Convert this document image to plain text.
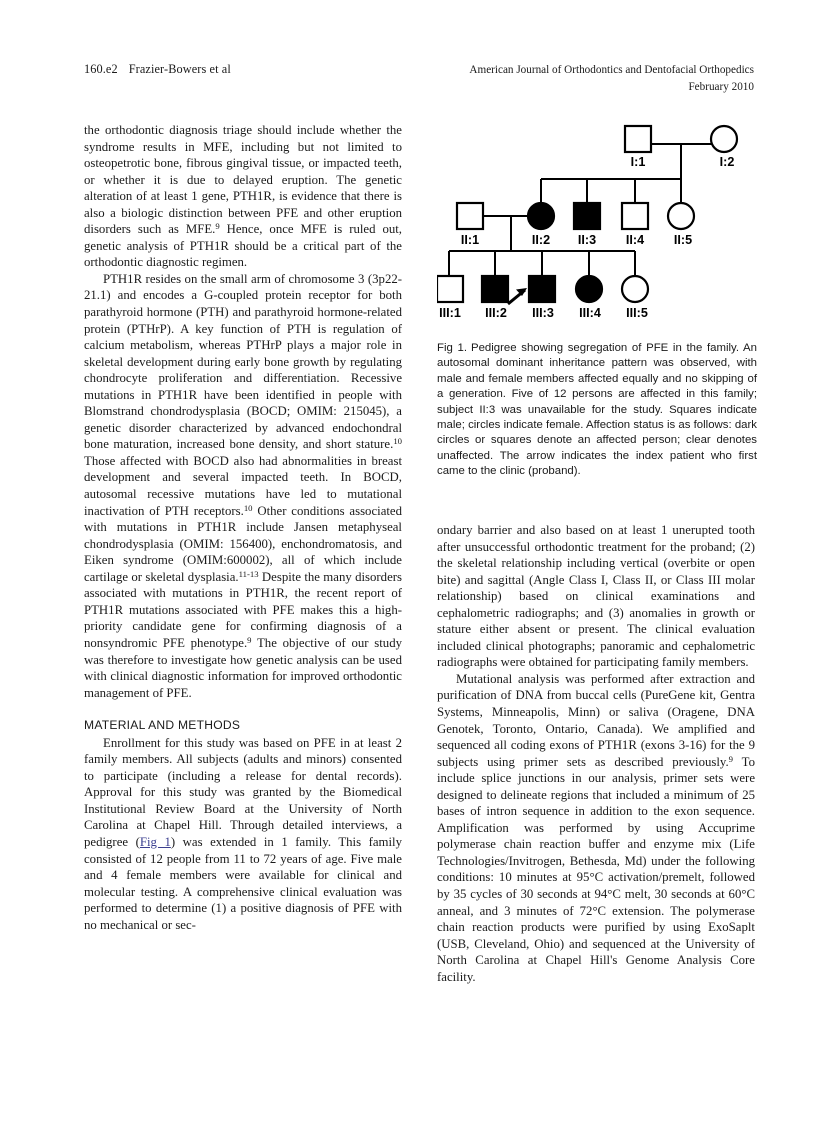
160.e2 Frazier-Bowers et al	American Journal of Orthodontics and Dentofacial Orthopedics
February 2010

the orthodontic diagnosis triage should include whether the syndrome results in MFE, including but not limited to osteopetrotic bone, fibrous gingival tissue, or impacted teeth, or whether it is due to delayed eruption. The genetic alteration of at least 1 gene, PTH1R, is evidence that there is also a biologic distinction between PFE and other eruption disorders such as MFE.$^9$ Hence, once MFE is ruled out, genetic analysis of PTH1R should be a critical part of the orthodontic diagnostic regimen.

PTH1R resides on the small arm of chromosome 3 (3p22-21.1) and encodes a G-coupled protein receptor for both parathyroid hormone (PTH) and parathyroid hormone-related protein (PTHrP). A key function of PTH is regulation of calcium metabolism, whereas PTHrP plays a major role in skeletal development during early bone growth by regulating chondrocyte proliferation and differentiation. Recessive mutations in PTH1R have been identified in people with Blomstrand chondrodysplasia (BOCD; OMIM: 215045), a genetic disorder characterized by advanced endochondral bone maturation, increased bone density, and short stature.$^{10}$ Those affected with BOCD also had abnormalities in breast development and several impacted teeth. In BOCD, autosomal recessive mutations have led to mutational inactivation of PTH receptors.$^{10}$ Other conditions associated with mutations in PTH1R include Jansen metaphyseal chondrodysplasia (OMIM: 156400), enchondromatosis, and Eiken syndrome (OMIM:600002), all of which include cartilage or skeletal dysplasia.$^{11-13}$ Despite the many disorders associated with mutations in PTH1R, the recent report of PTH1R mutations associated with PFE makes this a high-priority candidate gene for confirming diagnosis of a nonsyndromic PFE phenotype.$^9$ The objective of our study was therefore to investigate how genetic analysis can be used with clinical diagnostic information for improved orthodontic management of PFE.

MATERIAL AND METHODS

Enrollment for this study was based on PFE in at least 2 family members. All subjects (adults and minors) consented to participate (including a release for dental records). Approval for this study was granted by the Biomedical Institutional Review Board at the University of North Carolina at Chapel Hill. Through detailed interviews, a pedigree (Fig 1) was extended in 1 family. This family consisted of 12 people from 11 to 72 years of age. Five male and 4 female members were available for clinical and molecular testing. A comprehensive clinical evaluation was performed to determine (1) a positive diagnosis of PFE with no mechanical or sec-

I:1	I:2
II:1	II:2 II:3 II:4 II:5
III:1 III:2 III:3 III:4 III:5
Fig 1. Pedigree showing segregation of PFE in the family. An autosomal dominant inheritance pattern was observed, with male and female members affected equally and no skipping of a generation. Five of 12 persons are affected in this family; subject II:3 was unavailable for the study. Squares indicate male; circles indicate female. Affection status is as follows: dark circles or squares denote an affected person; clear denotes unaffected. The arrow indicates the index patient who first came to the clinic (proband).

ondary barrier and also based on at least 1 unerupted tooth after unsuccessful orthodontic treatment for the proband; (2) the skeletal relationship including vertical (overbite or open bite) and sagittal (Angle Class I, Class II, or Class III molar relationship) based on clinical examinations and cephalometric radiographs; and (3) anomalies in growth or stature either absent or present. The clinical evaluation included clinical photographs; panoramic and cephalometric radiographs were obtained for participating family members.

Mutational analysis was performed after extraction and purification of DNA from buccal cells (PureGene kit, Gentra Systems, Minneapolis, Minn) or saliva (Oragene, DNA Genotek, Toronto, Ontario, Canada). We amplified and sequenced all coding exons of PTH1R (exons 3-16) for the 9 subjects using primer sets as described previously.$^9$ To include splice junctions in our analysis, primer sets were designed to delineate regions that included a minimum of 25 bases of intron sequence in addition to the exon sequence. Amplification was performed by using Accuprime polymerase chain reaction buffer and enzyme mix (Life Technologies/Invitrogen, Bethesda, Md) under the following conditions: 10 minutes at 95°C activation/premelt, followed by 35 cycles of 30 seconds at 94°C melt, 30 seconds at 60°C anneal, and 3 minutes of 72°C extension. The polymerase chain reaction products were purified by using ExoSaplt (USB, Cleveland, Ohio) and sequenced at the University of North Carolina at Chapel Hill's Genome Analysis Core facility.
